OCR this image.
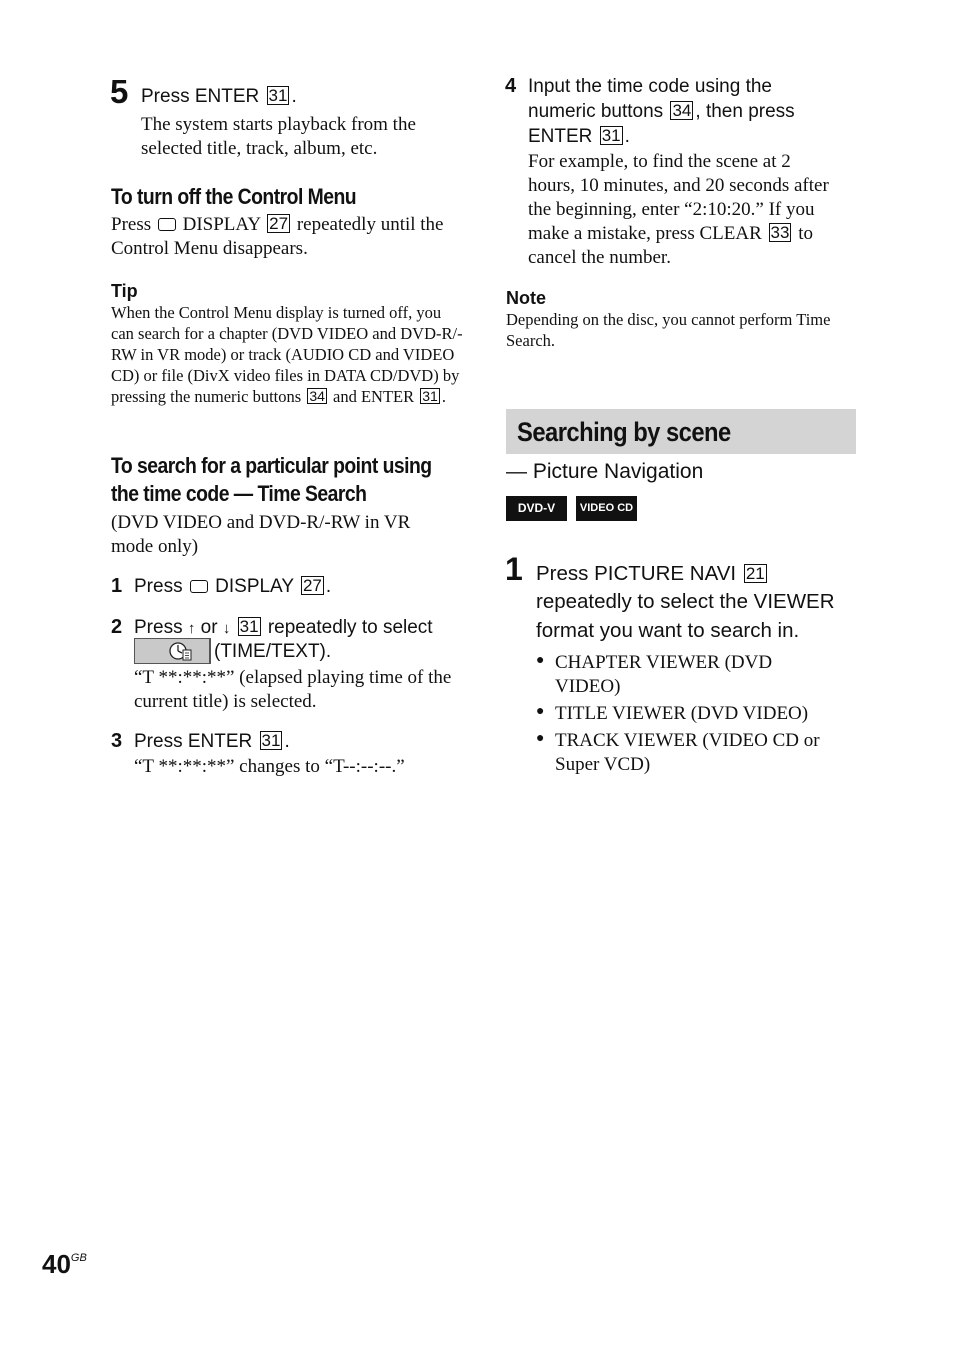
5 Press ENTER 31 .
The system starts playback from the selected title, track, album, etc.
To turn off the Control Menu
Press DISPLAY 27 repeatedly until the Control Menu disappears.
Tip
When the Control Menu display is turned off, you can search for a chapter (DVD VIDEO and DVD-R/-RW in VR mode) or track (AUDIO CD and VIDEO CD) or file (DivX video files in DATA CD/DVD) by pressing the numeric buttons 34 and ENTER 31 .
To search for a particular point using
the time code — Time Search
(DVD VIDEO and DVD-R/-RW in VR mode only)
1 Press DISPLAY 27 .
2 Press ↑ or ↓ 31 repeatedly to select
(TIME/TEXT).
“T **:**:**” (elapsed playing time of the current title) is selected.
3 Press ENTER 31 .
“T **:**:**” changes to “T--:--:--.”
4 Input the time code using the
numeric buttons 34 , then press
ENTER 31 .
For example, to find the scene at 2 hours, 10 minutes, and 20 seconds after the beginning, enter “2:10:20.” If you make a mistake, press CLEAR 33 to cancel the number.
Note
Depending on the disc, you cannot perform Time Search.
Searching by scene
— Picture Navigation
DVD-V	VIDEO CD
1 Press PICTURE NAVI 21
repeatedly to select the VIEWER
format you want to search in.
● CHAPTER VIEWER (DVD VIDEO)
● TITLE VIEWER (DVD VIDEO)
● TRACK VIEWER (VIDEO CD or Super VCD)
$40^{GB}$
